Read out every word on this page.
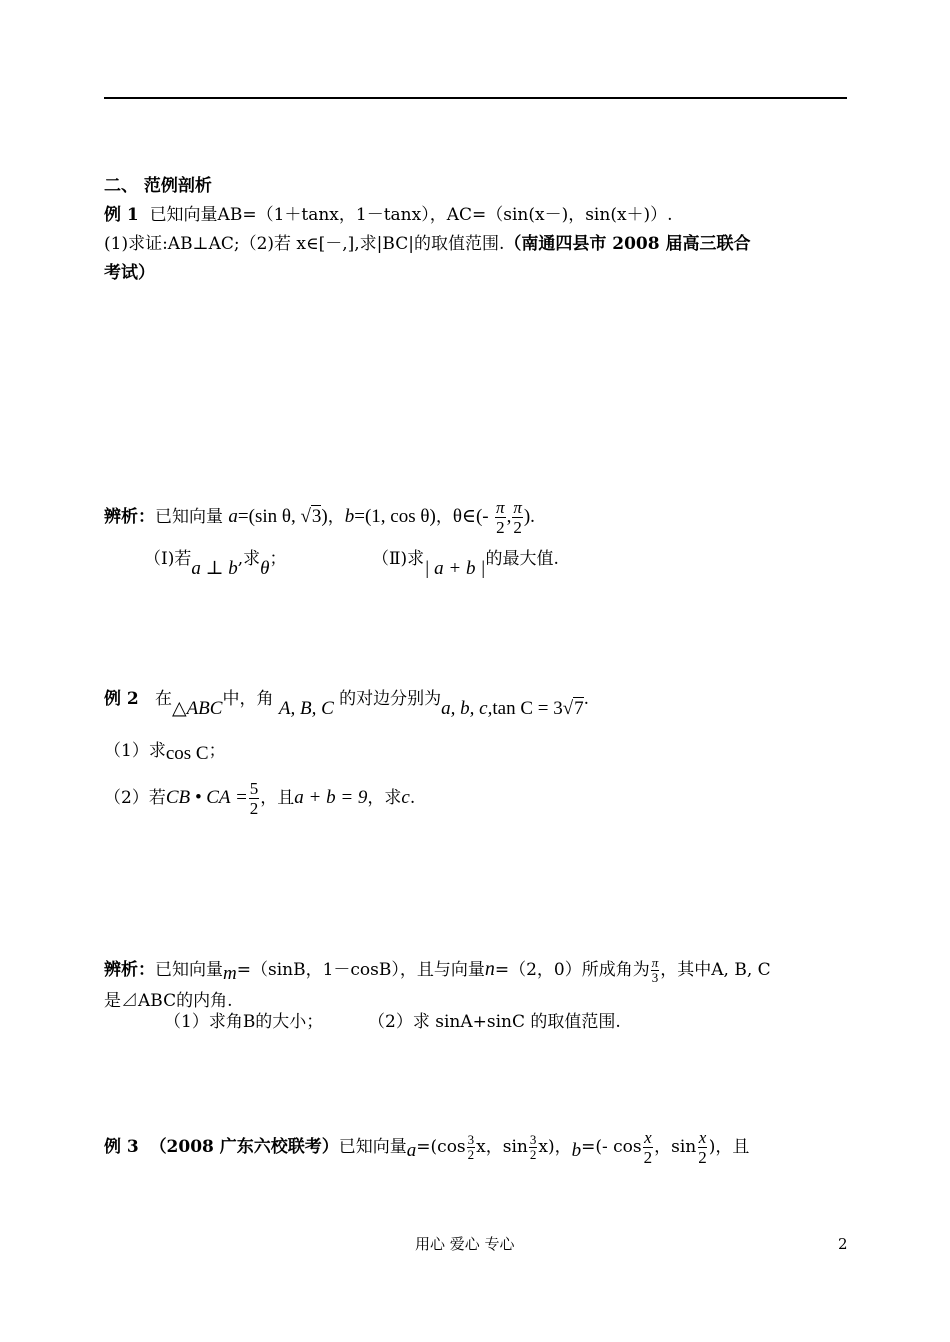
二、 范例剖析
例 1 已知向量AB=（1＋tanx，1－tanx），AC=（sin(x－)，sin(x＋)）.
(1)求证:AB⊥AC;（2)若 x∈[－,],求|BC|的取值范围.（南通四县市 2008 届高三联合
考试）
辨析：已知向量 a=(sin θ, √3)，b=(1, cos θ)，θ∈(- $\frac{\pi}{2}$ , $\frac{\pi}{2}$ ).
（Ⅰ)若a ⊥ b,求θ；	（Ⅱ)求| a + b |的最大值.
例 2 在△ABC中，角 A, B, C 的对边分别为a, b, c,tan C = 3√7.
（1）求cos C；
（2）若CB • CA = $\frac{5}{2}$ ，且a + b = 9，求c.
辨析：已知向量m=（sinB，1－cosB），且与向量n=（2，0）所成角为 $\frac{\pi}{3}$ ，其中A, B, C
是⊿ABC的内角.
（1）求角B的大小；	（2）求 sinA+sinC 的取值范围.
例 3 （2008 广东六校联考）已知向量$a=(\cos \frac{3}{2}$ x，$\sin \frac{3}{2} x$)，b=(- $\cos \frac{x}{2}$ ，$\sin \frac{x}{2}$ )，且
用心 爱心 专心	2
